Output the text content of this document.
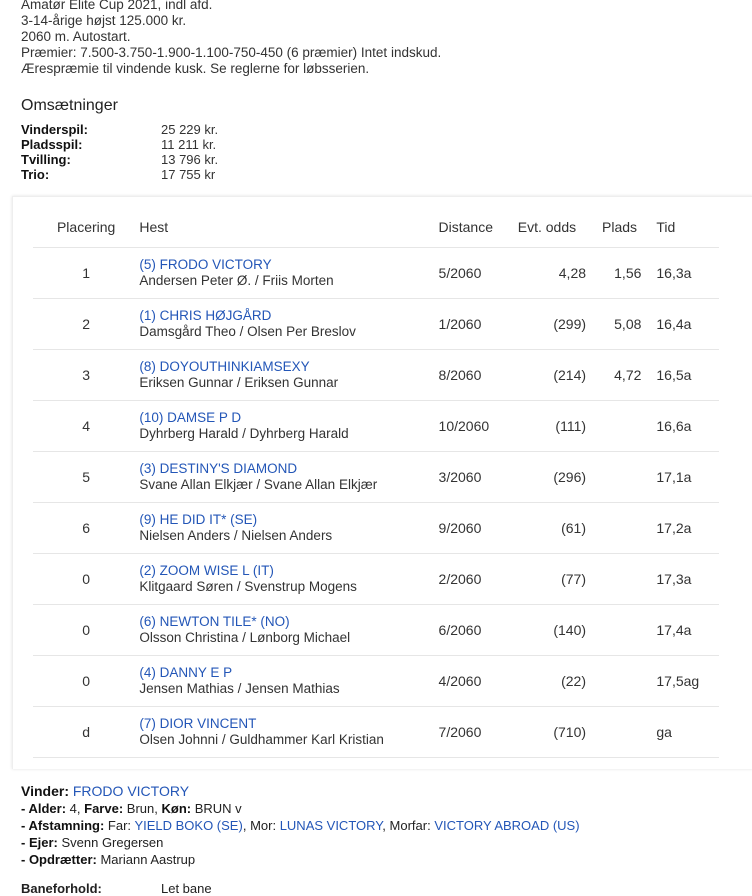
Amatør Elite Cup 2021, indl afd.
3-14-årige højst 125.000 kr.
2060 m. Autostart.
Præmier: 7.500-3.750-1.900-1.100-750-450 (6 præmier) Intet indskud.
Ærespræmie til vindende kusk. Se reglerne for løbsserien.
Omsætninger
Vinderspil:	25 229 kr.
Pladsspil:	11 211 kr.
Tvilling:	13 796 kr.
Trio:	17 755 kr
Placering	Hest	Distance	Evt. odds	Plads	Tid
1	(5) FRODO VICTORY
Andersen Peter Ø. / Friis Morten	5/2060	4,28	1,56	16,3a
2	(1) CHRIS HØJGÅRD
Damsgård Theo / Olsen Per Breslov	1/2060	(299)	5,08	16,4a
3	(8) DOYOUTHINKIAMSEXY
Eriksen Gunnar / Eriksen Gunnar	8/2060	(214)	4,72	16,5a
4	(10) DAMSE P D
Dyhrberg Harald / Dyhrberg Harald	10/2060	(111)		16,6a
5	(3) DESTINY'S DIAMOND
Svane Allan Elkjær / Svane Allan Elkjær	3/2060	(296)		17,1a
6	(9) HE DID IT* (SE)
Nielsen Anders / Nielsen Anders	9/2060	(61)		17,2a
0	(2) ZOOM WISE L (IT)
Klitgaard Søren / Svenstrup Mogens	2/2060	(77)		17,3a
0	(6) NEWTON TILE* (NO)
Olsson Christina / Lønborg Michael	6/2060	(140)		17,4a
0	(4) DANNY E P
Jensen Mathias / Jensen Mathias	4/2060	(22)		17,5ag
d	(7) DIOR VINCENT
Olsen Johnni / Guldhammer Karl Kristian	7/2060	(710)		ga
Vinder: FRODO VICTORY
- Alder: 4, Farve: Brun, Køn: BRUN v
- Afstamning: Far: YIELD BOKO (SE), Mor: LUNAS VICTORY, Morfar: VICTORY ABROAD (US)
- Ejer: Svenn Gregersen
- Opdrætter: Mariann Aastrup
Baneforhold:	Let bane
